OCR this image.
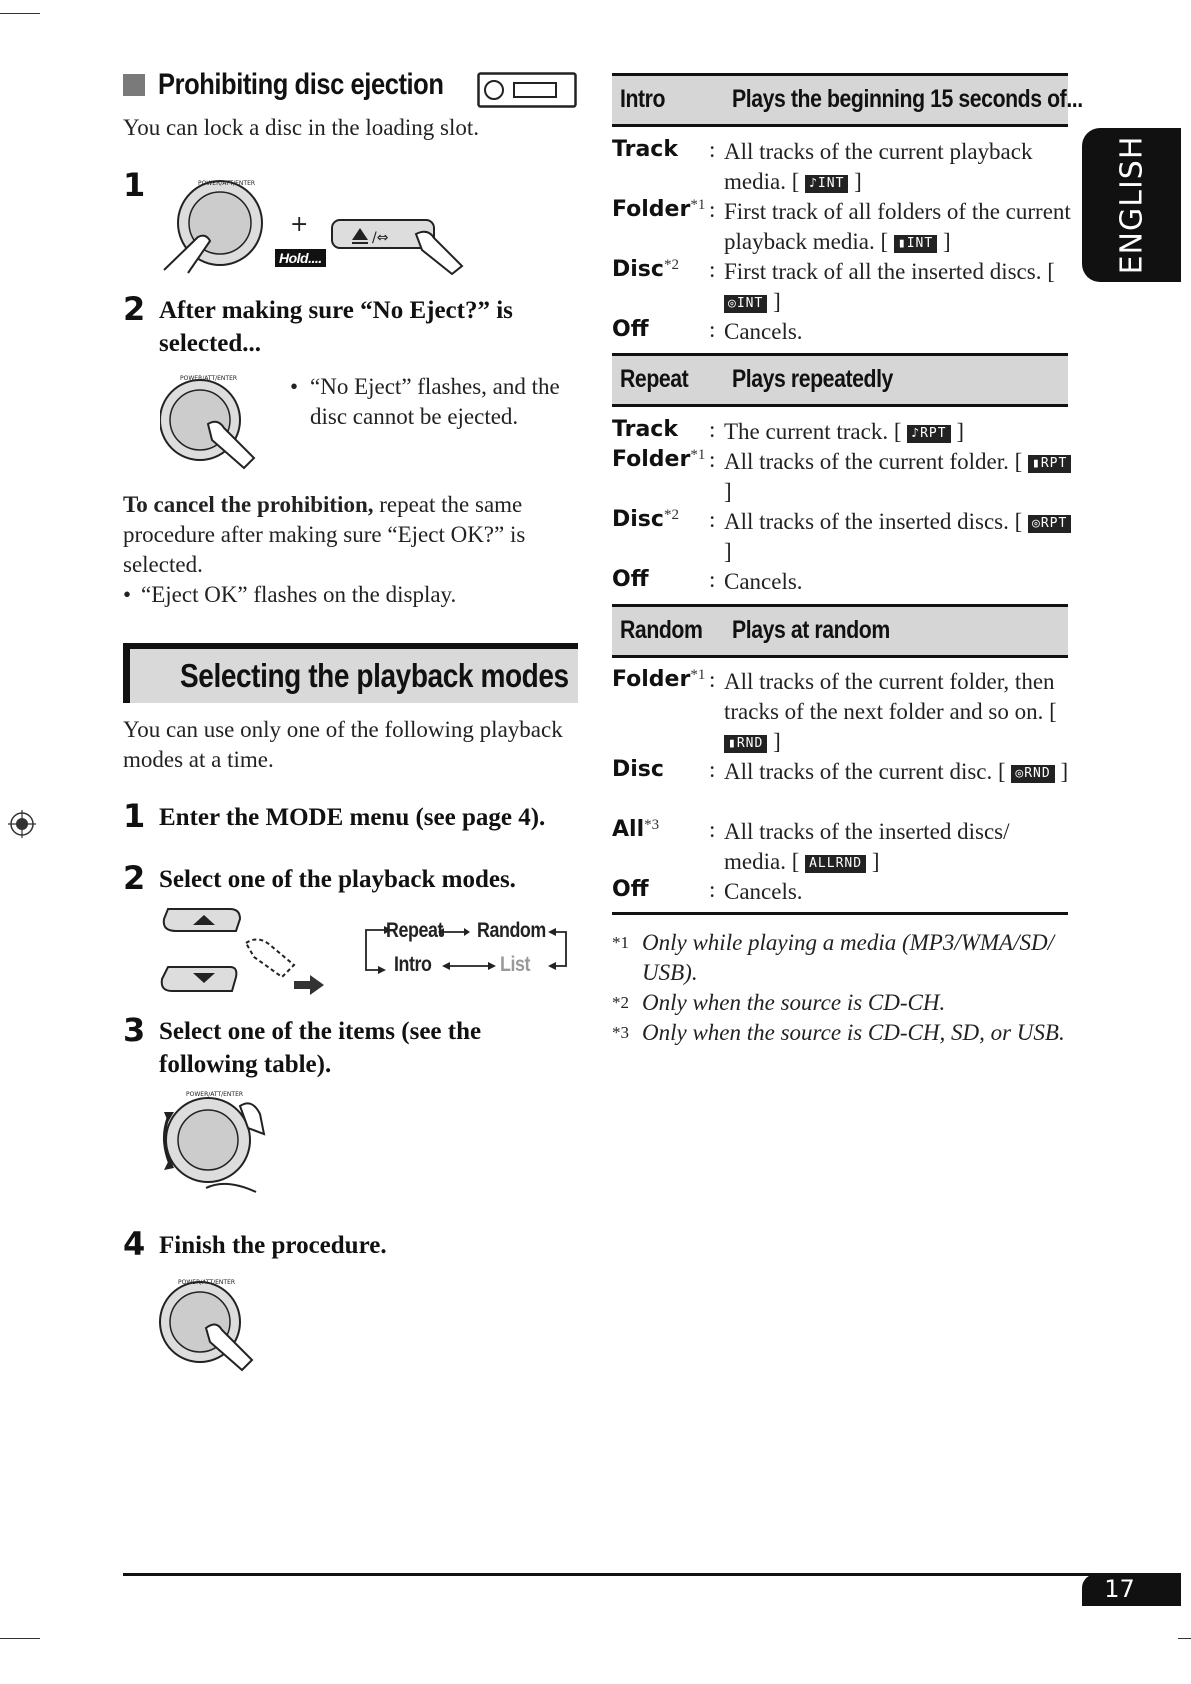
Prohibiting disc ejection
You can lock a disc in the loading slot.
1	POWER/ATT/ENTER
+
Hold....
/⇔
2 After making sure “No Eject?” is selected...
POWER/ATT/ENTER • “No Eject” flashes, and the disc cannot be ejected.
To cancel the prohibition, repeat the same procedure after making sure “Eject OK?” is selected.
• “Eject OK” flashes on the display.
Selecting the playback modes
You can use only one of the following playback modes at a time.
1 Enter the MODE menu (see page 4).
2 Select one of the playback modes.
Repeat Random
Intro	List
3 Select one of the items (see the following table).
POWER/ATT/ENTER
4 Finish the procedure.
POWER/ATT/ENTER
Intro	Plays the beginning 15 seconds of...
Track : All tracks of the current playback media. [ ♪INT ]
Folder$^{*1}$ : First track of all folders of the current playback media. [ ▮INT ]
Disc$^{*2}$ : First track of all the inserted discs. [ ◎INT ]
Off	: Cancels.
Repeat Plays repeatedly
Track : The current track. [ ♪RPT ]
Folder$^{*1}$ : All tracks of the current folder. [ ▮RPT ]
Disc$^{*2}$ : All tracks of the inserted discs. [ ◎RPT ]
Off	: Cancels.
Random Plays at random
Folder$^{*1}$ : All tracks of the current folder, then tracks of the next folder and so on. [ ▮RND ]
Disc : All tracks of the current disc. [ ◎RND ]
All$^{*3}$ : All tracks of the inserted discs/ media. [ ALLRND ]
Off	: Cancels.
*1 Only while playing a media (MP3/WMA/SD/ USB).
*2 Only when the source is CD-CH.
*3 Only when the source is CD-CH, SD, or USB.
ENGLISH
17
